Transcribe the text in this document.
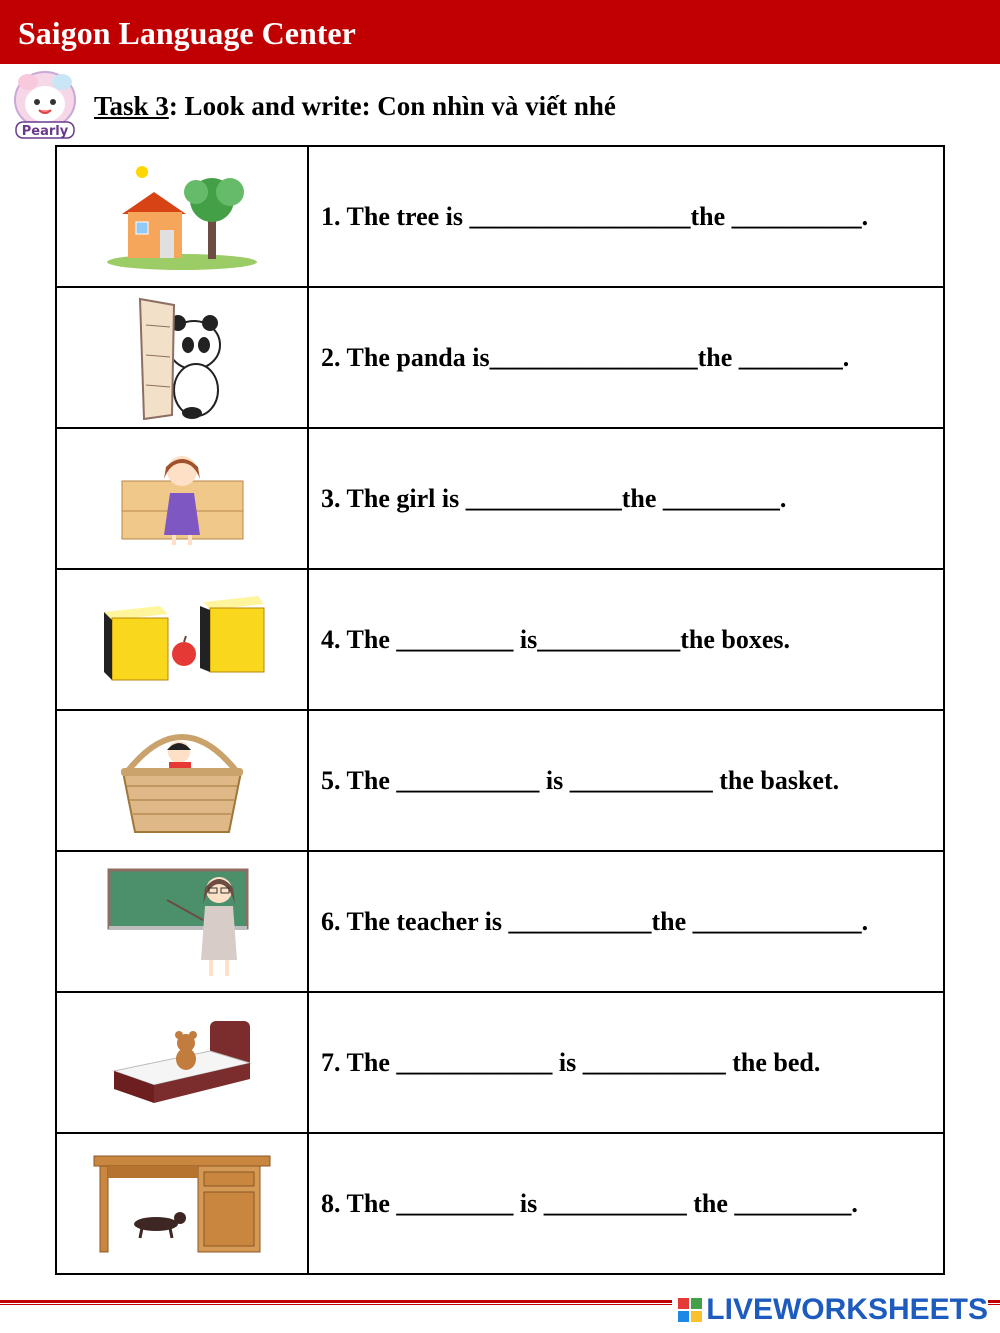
Saigon Language Center
Pearly
Task 3: Look and write: Con nhìn và viết nhé
	1. The tree is _________________the __________.

	2. The panda is________________the ________.

	3. The girl is ____________the _________.

	4. The _________ is___________the boxes.

	5. The ___________ is ___________ the basket.

	6. The teacher is ___________the _____________.

	7. The ____________ is ___________ the bed.

	8. The _________ is ___________ the _________.
LIVEWORKSHEETS
